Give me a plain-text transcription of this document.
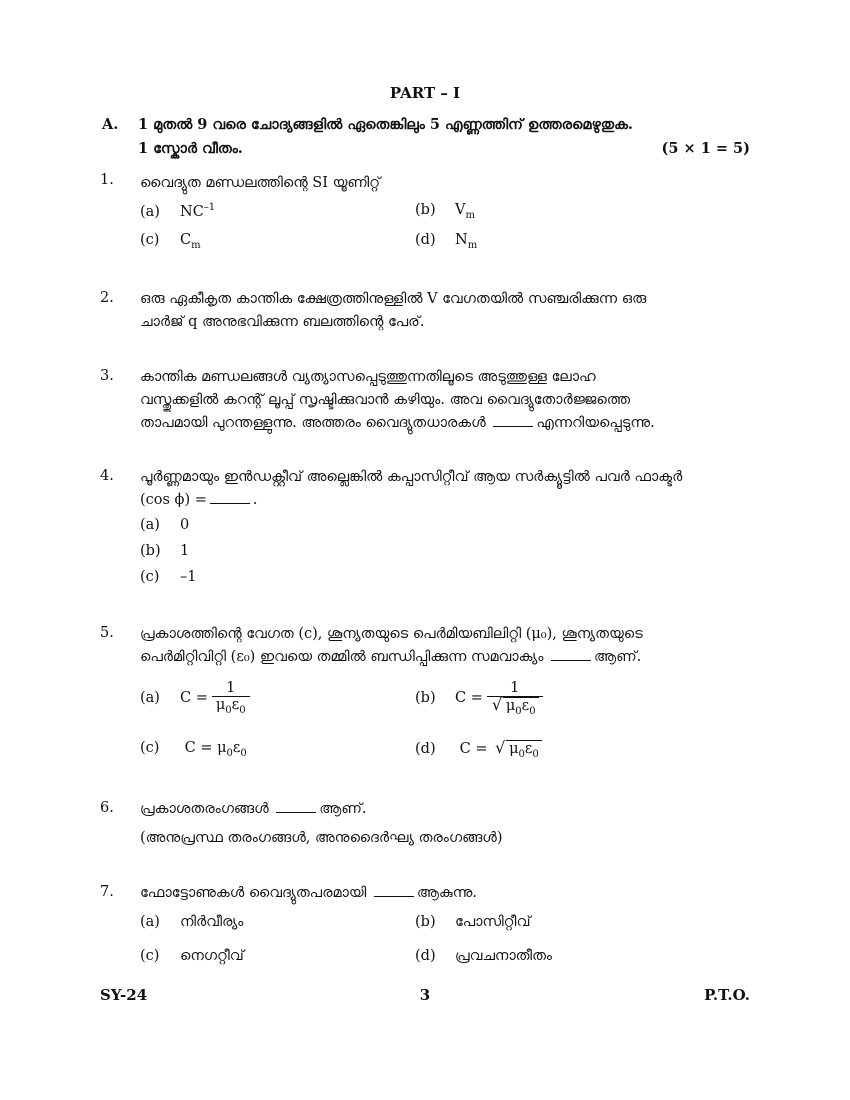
PART – I
A. 1 മുതൽ 9 വരെ ചോദ്യങ്ങളിൽ ഏതെങ്കിലും 5 എണ്ണത്തിന് ഉത്തരമെഴുതുക.
1 സ്കോർ വീതം.	(5 × 1 = 5)
1. വൈദ്യുത മണ്ഡലത്തിന്റെ SI യൂണിറ്റ്
(a) $NC^{-1}$	(b) $V_m$
(c) $C_m$	(d) $N_m$
2. ഒരു ഏകീകൃത കാന്തിക ക്ഷേത്രത്തിനുള്ളിൽ V വേഗതയിൽ സഞ്ചരിക്കുന്ന ഒരു
ചാർജ് q അനുഭവിക്കുന്ന ബലത്തിന്റെ പേര്.
3. കാന്തിക മണ്ഡലങ്ങൾ വ്യത്യാസപ്പെടുത്തുന്നതിലൂടെ അടുത്തുള്ള ലോഹ
വസ്തുക്കളിൽ കറന്റ് ലൂപ്പ് സൃഷ്ടിക്കുവാൻ കഴിയും. അവ വൈദ്യുതോർജ്ജത്തെ
താപമായി പുറന്തള്ളുന്നു. അത്തരം വൈദ്യുതധാരകൾ	എന്നറിയപ്പെടുന്നു.
4. പൂർണ്ണമായും ഇൻഡക്റ്റീവ് അല്ലെങ്കിൽ കപ്പാസിറ്റീവ് ആയ സർക്യൂട്ടിൽ പവർ ഫാക്ടർ
(cos ϕ) =	.
(a) 0
(b) 1
(c) –1
5. പ്രകാശത്തിന്റെ വേഗത (c), ശൂന്യതയുടെ പെർമിയബിലിറ്റി (μ₀), ശൂന്യതയുടെ
പെർമിറ്റിവിറ്റി (ε₀) ഇവയെ തമ്മിൽ ബന്ധിപ്പിക്കുന്ന സമവാക്യം	ആണ്.
(a)	$C = \frac{1}{\mu_0\varepsilon_0}$	(b)	C = 1
√ $\mu_0\varepsilon_0$
(c) $C = \mu_0\varepsilon_0$	(d) C = √ $\mu_0\varepsilon_0$
6. പ്രകാശതരംഗങ്ങൾ	ആണ്.
(അനുപ്രസ്ഥ തരംഗങ്ങൾ, അനുദൈർഘ്യ തരംഗങ്ങൾ)
7. ഫോട്ടോണുകൾ വൈദ്യുതപരമായി	ആകുന്നു.
(a) നിർവീര്യം	(b) പോസിറ്റീവ്
(c) നെഗറ്റീവ്	(d) പ്രവചനാതീതം
SY-24	3	P.T.O.
